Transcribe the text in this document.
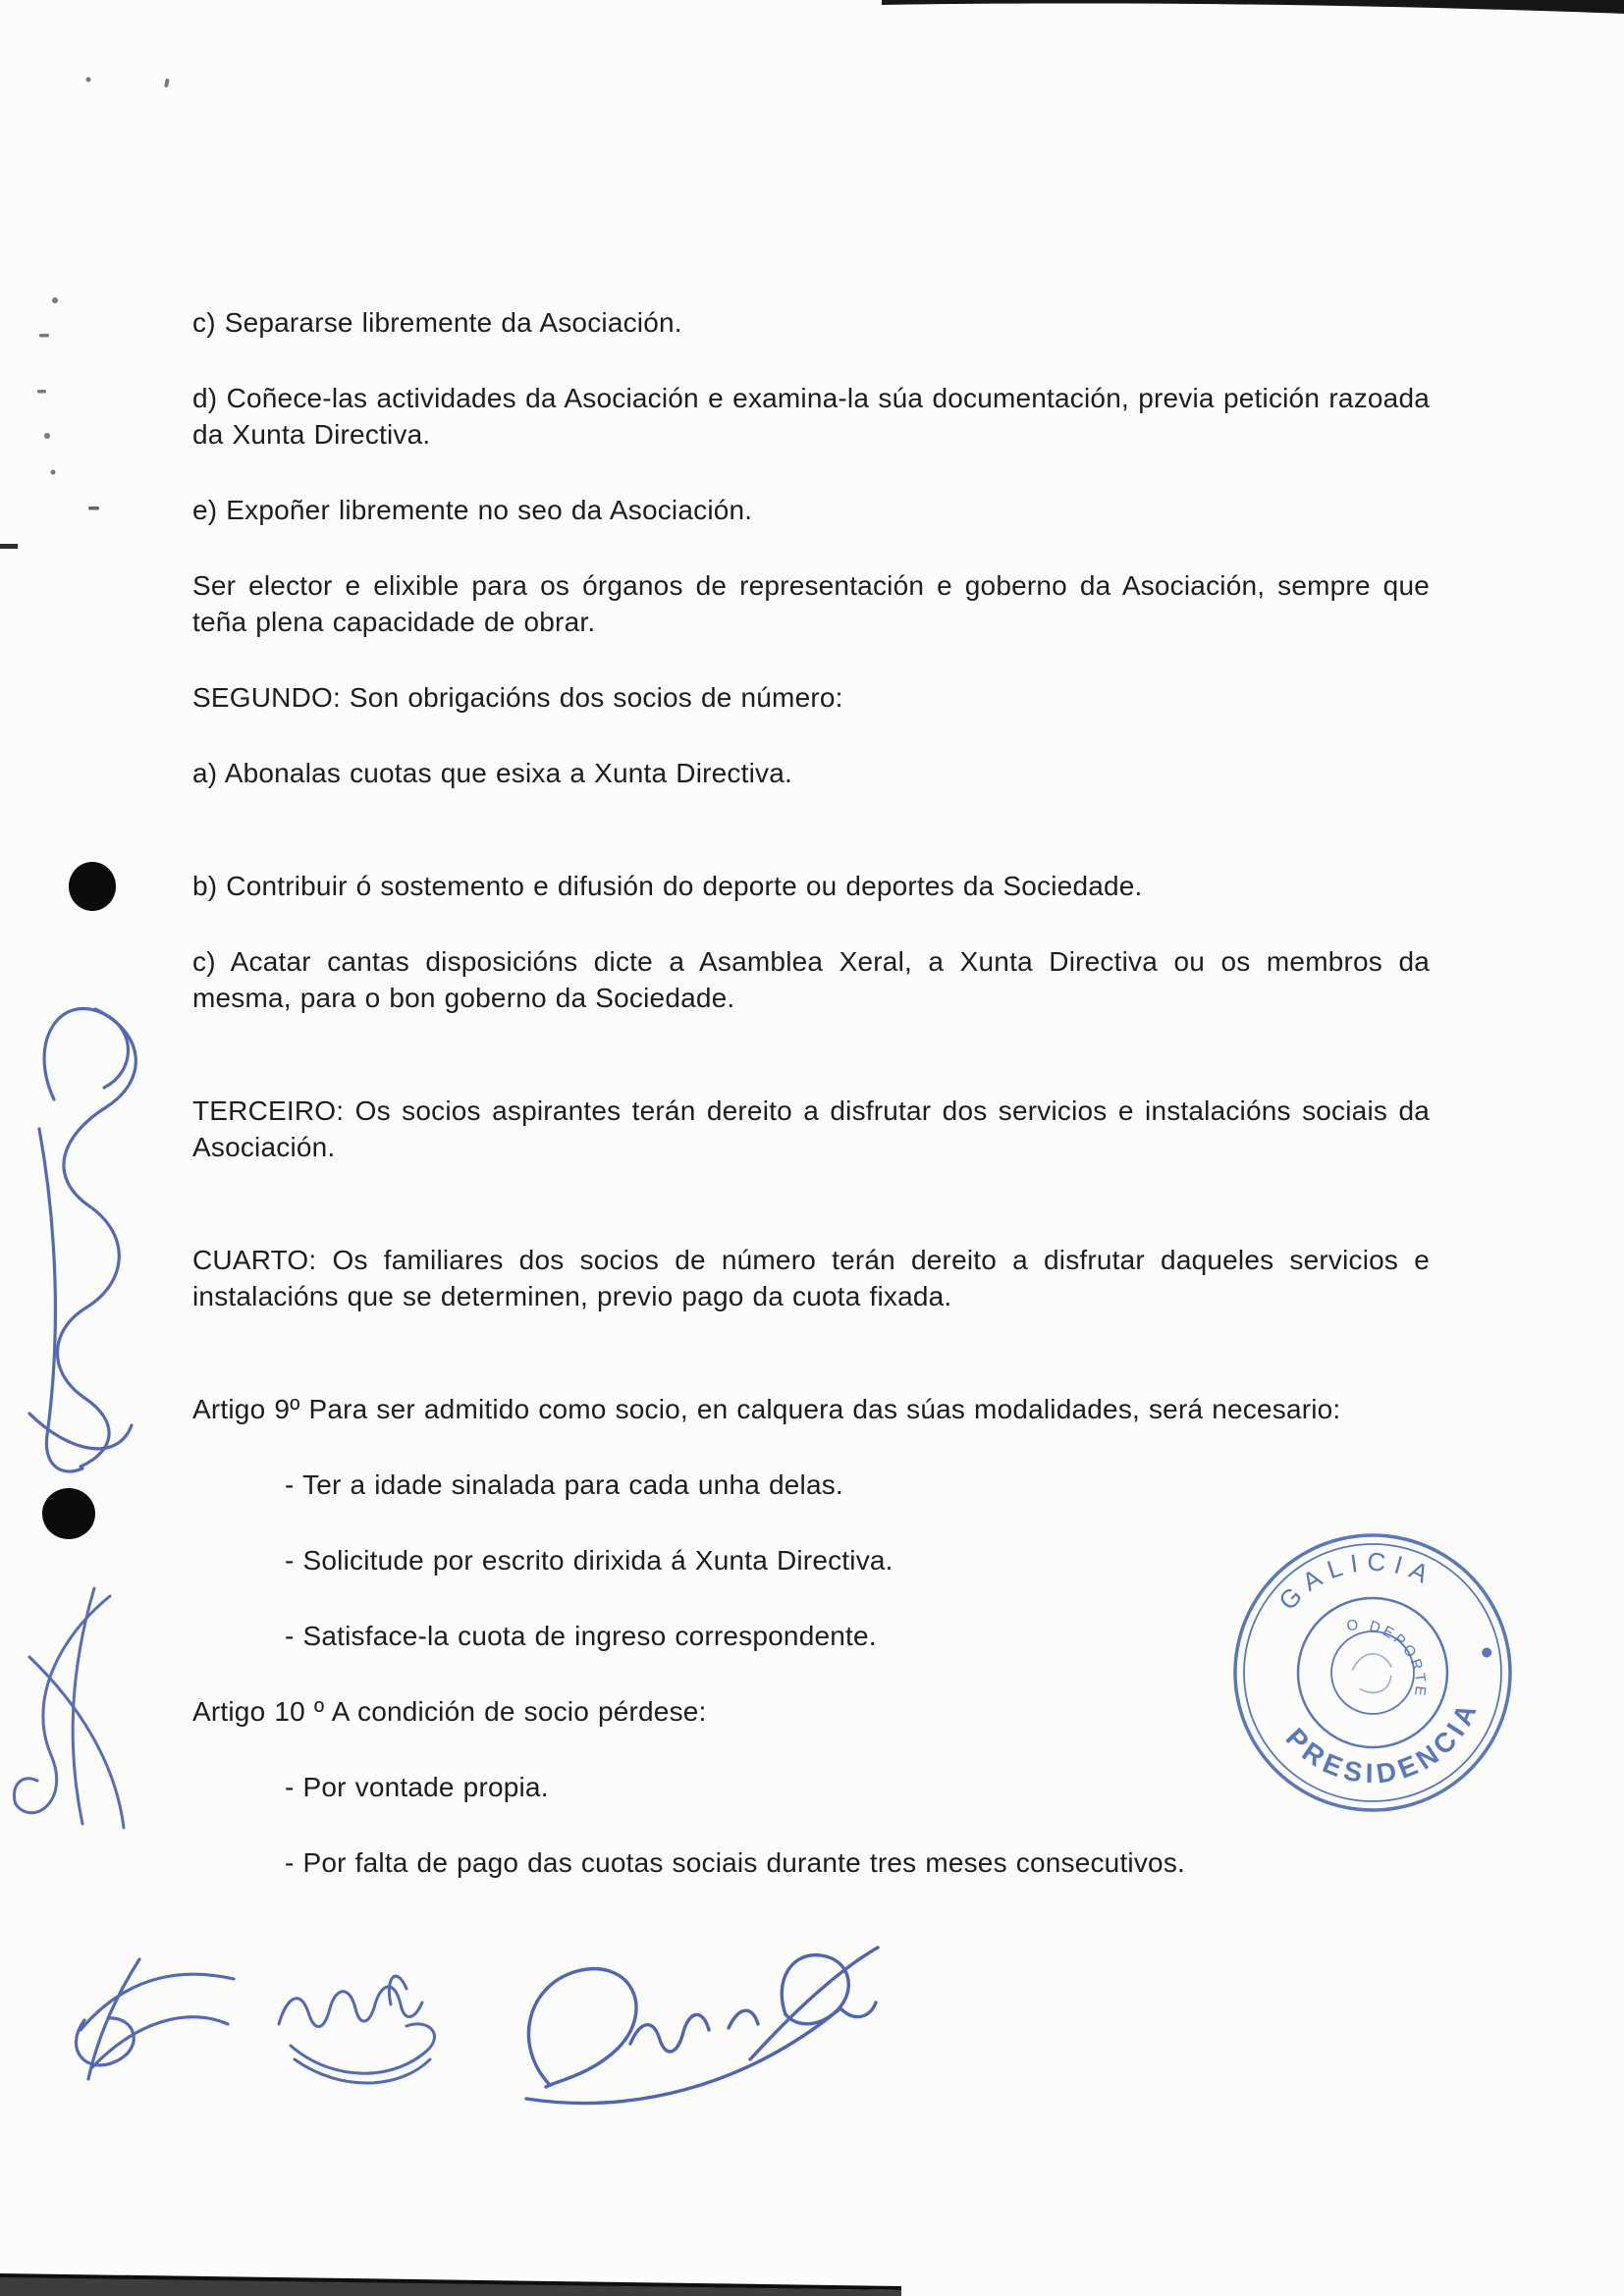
c) Separarse libremente da Asociación.

d) Coñece-las actividades da Asociación e examina-la súa documentación, previa petición razoada da Xunta Directiva.

e) Expoñer libremente no seo da Asociación.

Ser elector e elixible para os órganos de representación e goberno da Asociación, sempre que teña plena capacidade de obrar.

SEGUNDO: Son obrigacións dos socios de número:

a) Abonalas cuotas que esixa a Xunta Directiva.

b) Contribuir ó sostemento e difusión do deporte ou deportes da Sociedade.

c) Acatar cantas disposicións dicte a Asamblea Xeral, a Xunta Directiva ou os membros da mesma, para o bon goberno da Sociedade.

TERCEIRO: Os socios aspirantes terán dereito a disfrutar dos servicios e instalacións sociais da Asociación.

CUARTO: Os familiares dos socios de número terán dereito a disfrutar daqueles servicios e instalacións que se determinen, previo pago da cuota fixada.

Artigo 9º Para ser admitido como socio, en calquera das súas modalidades, será necesario:

- Ter a idade sinalada para cada unha delas.

- Solicitude por escrito dirixida á Xunta Directiva.

- Satisface-la cuota de ingreso correspondente.

Artigo 10 º A condición de socio pérdese:

- Por vontade propia.

- Por falta de pago das cuotas sociais durante tres meses consecutivos.

GALICIA
PRESIDENCIA
O DEPORTE
